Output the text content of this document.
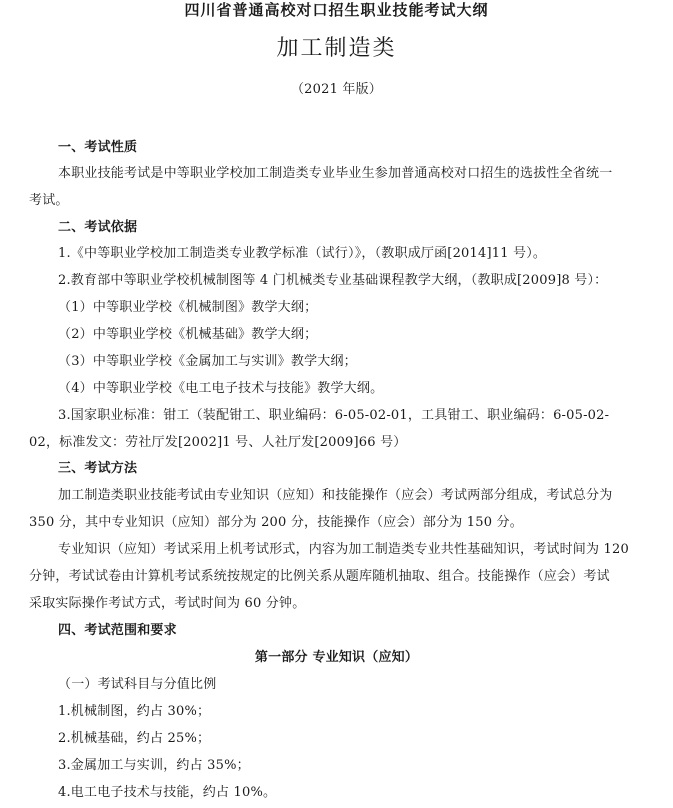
四川省普通高校对口招生职业技能考试大纲
加工制造类
（2021 年版）
一、考试性质
本职业技能考试是中等职业学校加工制造类专业毕业生参加普通高校对口招生的选拔性全省统一
考试。
二、考试依据
1.《中等职业学校加工制造类专业教学标准（试行）》，（教职成厅函[2014]11 号）。
2.教育部中等职业学校机械制图等 4 门机械类专业基础课程教学大纲，（教职成[2009]8 号）：
（1）中等职业学校《机械制图》教学大纲；
（2）中等职业学校《机械基础》教学大纲；
（3）中等职业学校《金属加工与实训》教学大纲；
（4）中等职业学校《电工电子技术与技能》教学大纲。
3.国家职业标准：钳工（装配钳工、职业编码：6-05-02-01，工具钳工、职业编码：6-05-02-
02，标准发文：劳社厅发[2002]1 号、人社厅发[2009]66 号）
三、考试方法
加工制造类职业技能考试由专业知识（应知）和技能操作（应会）考试两部分组成，考试总分为
350 分，其中专业知识（应知）部分为 200 分，技能操作（应会）部分为 150 分。
专业知识（应知）考试采用上机考试形式，内容为加工制造类专业共性基础知识，考试时间为 120
分钟，考试试卷由计算机考试系统按规定的比例关系从题库随机抽取、组合。技能操作（应会）考试
采取实际操作考试方式，考试时间为 60 分钟。
四、考试范围和要求
第一部分 专业知识（应知）
（一）考试科目与分值比例
1.机械制图，约占 30%；
2.机械基础，约占 25%；
3.金属加工与实训，约占 35%；
4.电工电子技术与技能，约占 10%。
